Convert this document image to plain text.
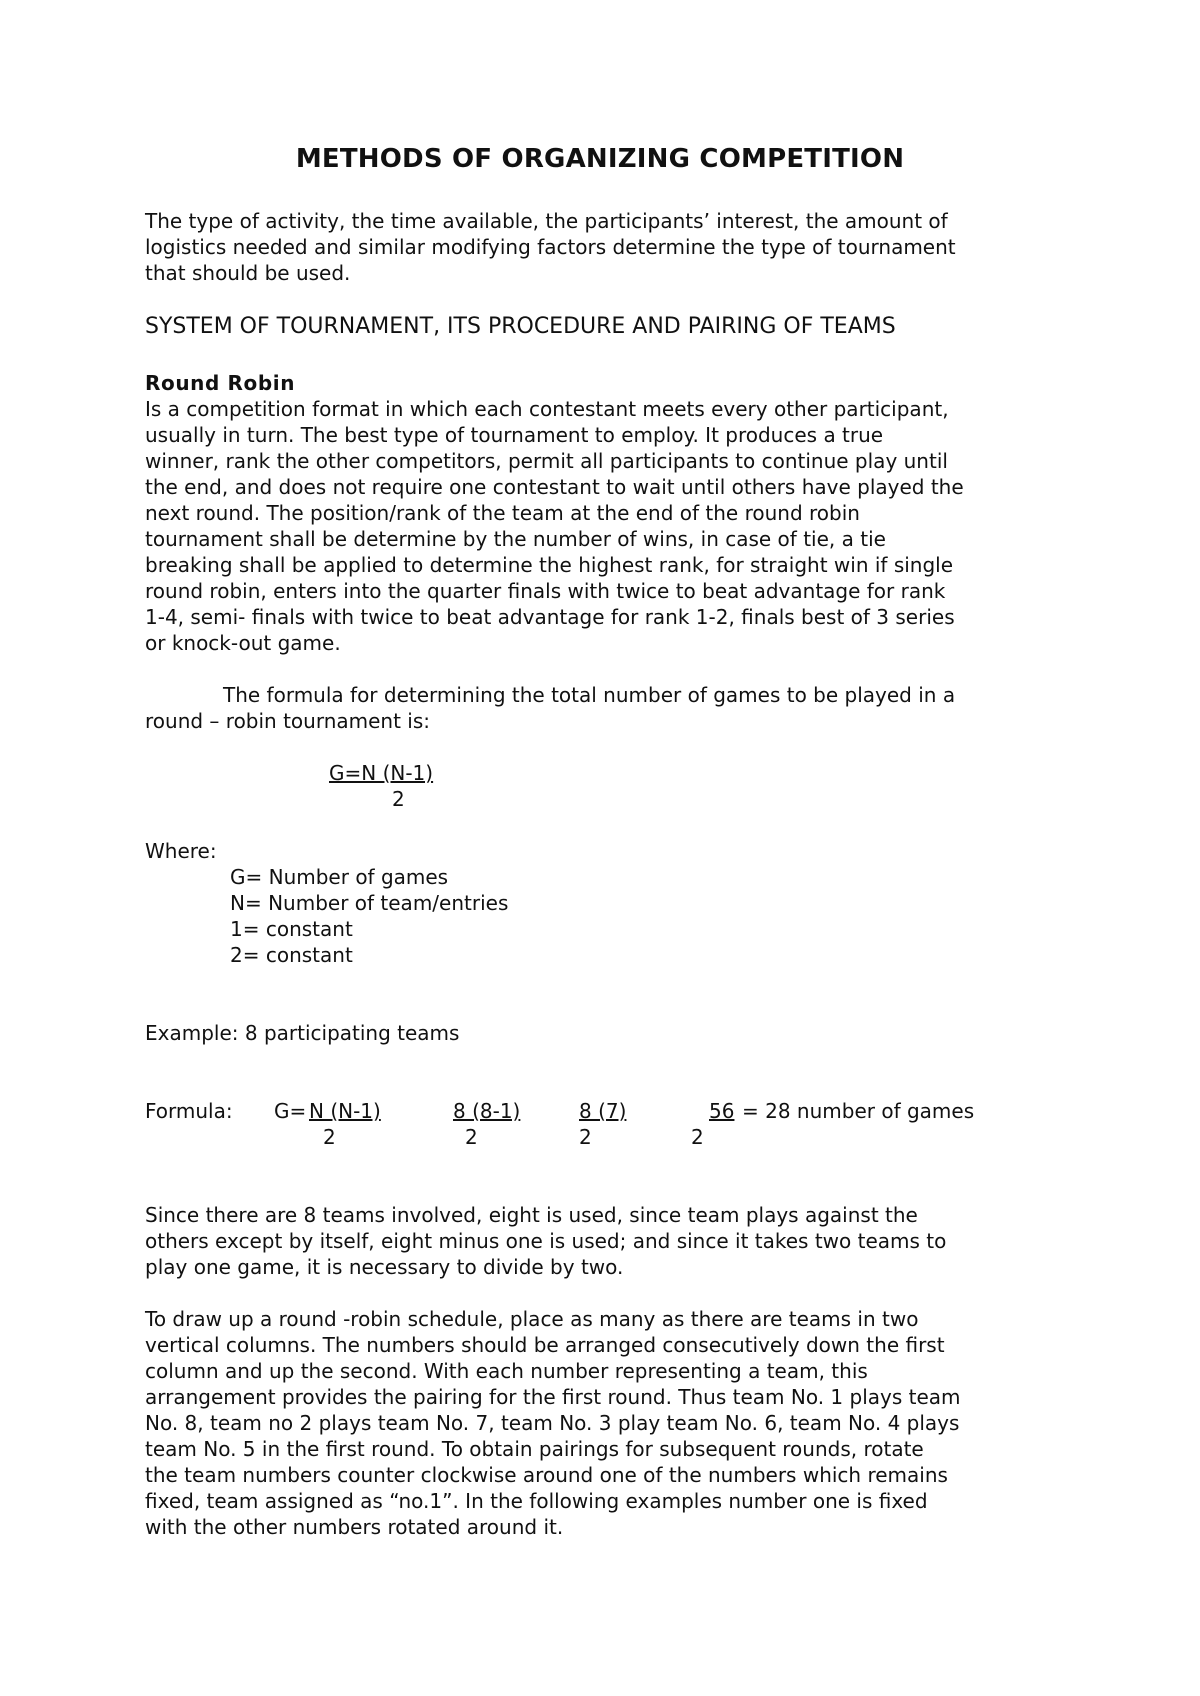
METHODS OF ORGANIZING COMPETITION

The type of activity, the time available, the participants’ interest, the amount of
logistics needed and similar modifying factors determine the type of tournament
that should be used.

SYSTEM OF TOURNAMENT, ITS PROCEDURE AND PAIRING OF TEAMS
Round Robin
Is a competition format in which each contestant meets every other participant,
usually in turn. The best type of tournament to employ. It produces a true
winner, rank the other competitors, permit all participants to continue play until
the end, and does not require one contestant to wait until others have played the
next round. The position/rank of the team at the end of the round robin
tournament shall be determine by the number of wins, in case of tie, a tie
breaking shall be applied to determine the highest rank, for straight win if single
round robin, enters into the quarter finals with twice to beat advantage for rank
1-4, semi- finals with twice to beat advantage for rank 1-2, finals best of 3 series
or knock-out game.
The formula for determining the total number of games to be played in a
round – robin tournament is:
G=N (N-1)
2
Where:
G= Number of games
N= Number of team/entries
1= constant
2= constant
Example: 8 participating teams
Formula: G= N (N-1)	8 (8-1)	8 (7)	56 = 28 number of games
2	2	2	2

Since there are 8 teams involved, eight is used, since team plays against the
others except by itself, eight minus one is used; and since it takes two teams to
play one game, it is necessary to divide by two.

To draw up a round -robin schedule, place as many as there are teams in two
vertical columns. The numbers should be arranged consecutively down the first
column and up the second. With each number representing a team, this
arrangement provides the pairing for the first round. Thus team No. 1 plays team
No. 8, team no 2 plays team No. 7, team No. 3 play team No. 6, team No. 4 plays
team No. 5 in the first round. To obtain pairings for subsequent rounds, rotate
the team numbers counter clockwise around one of the numbers which remains
fixed, team assigned as “no.1”. In the following examples number one is fixed
with the other numbers rotated around it.
